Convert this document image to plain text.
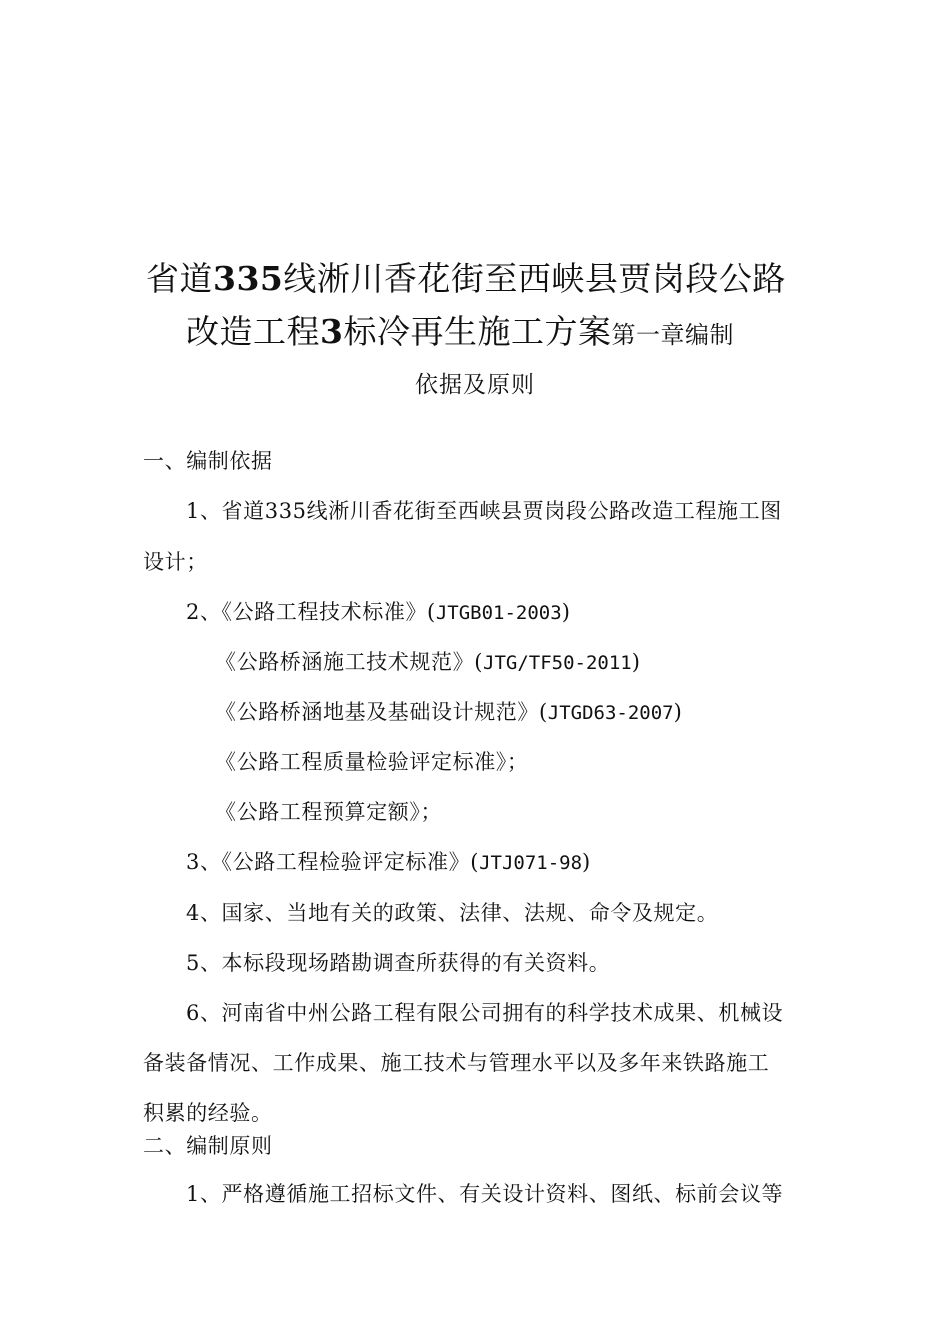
省道335线淅川香花街至西峡县贾岗段公路
改造工程3标冷再生施工方案第一章编制
依据及原则
一、编制依据
1、省道335线淅川香花街至西峡县贾岗段公路改造工程施工图
设计；
2、《公路工程技术标准》(JTGB01-2003)
《公路桥涵施工技术规范》(JTG/TF50-2011)
《公路桥涵地基及基础设计规范》(JTGD63-2007)
《公路工程质量检验评定标准》；
《公路工程预算定额》；
3、《公路工程检验评定标准》(JTJ071-98)
4、国家、当地有关的政策、法律、法规、命令及规定。
5、本标段现场踏勘调查所获得的有关资料。
6、河南省中州公路工程有限公司拥有的科学技术成果、机械设
备装备情况、工作成果、施工技术与管理水平以及多年来铁路施工
积累的经验。
二、编制原则
1、严格遵循施工招标文件、有关设计资料、图纸、标前会议等
